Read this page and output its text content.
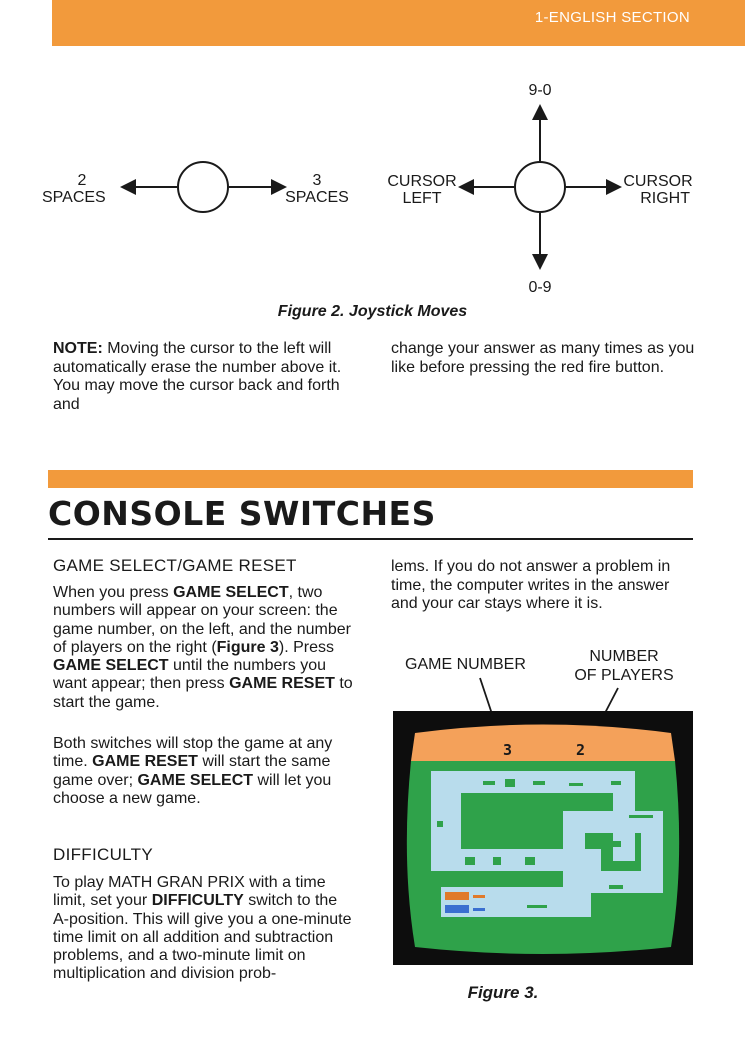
1-ENGLISH SECTION
2
SPACES
3
SPACES
9-0
0-9
CURSOR
LEFT
CURSOR
RIGHT
Figure 2. Joystick Moves
NOTE: Moving the cursor to the left will automatically erase the number above it. You may move the cursor back and forth and
change your answer as many times as you like before pressing the red fire button.
CONSOLE SWITCHES
GAME SELECT/GAME RESET
When you press GAME SELECT, two numbers will appear on your screen: the game number, on the left, and the number of players on the right (Figure 3). Press GAME SELECT until the numbers you want appear; then press GAME RESET to start the game.
Both switches will stop the game at any time. GAME RESET will start the same game over; GAME SELECT will let you choose a new game.
DIFFICULTY
To play MATH GRAN PRIX with a time limit, set your DIFFICULTY switch to the A-position. This will give you a one-minute time limit on all addition and subtraction problems, and a two-minute limit on multiplication and division prob-
lems. If you do not answer a problem in time, the computer writes in the answer and your car stays where it is.
GAME NUMBER	NUMBER
OF PLAYERS
3	2
Figure 3.
